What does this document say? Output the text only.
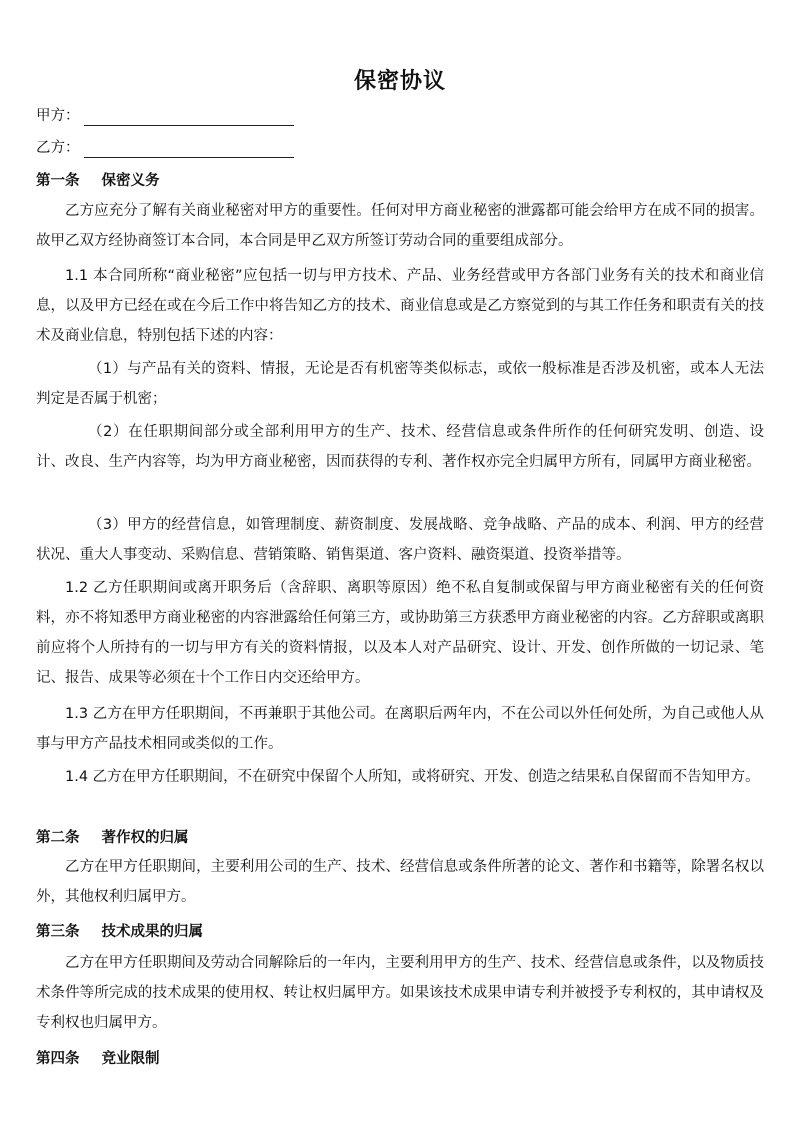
保密协议
甲方：
乙方：
第一条 保密义务

乙方应充分了解有关商业秘密对甲方的重要性。任何对甲方商业秘密的泄露都可能会给甲方在成不同的损害。故甲乙双方经协商签订本合同，本合同是甲乙双方所签订劳动合同的重要组成部分。

1.1 本合同所称“商业秘密”应包括一切与甲方技术、产品、业务经营或甲方各部门业务有关的技术和商业信息，以及甲方已经在或在今后工作中将告知乙方的技术、商业信息或是乙方察觉到的与其工作任务和职责有关的技术及商业信息，特别包括下述的内容：

（1）与产品有关的资料、情报，无论是否有机密等类似标志，或依一般标准是否涉及机密，或本人无法判定是否属于机密；

（2）在任职期间部分或全部利用甲方的生产、技术、经营信息或条件所作的任何研究发明、创造、设计、改良、生产内容等，均为甲方商业秘密，因而获得的专利、著作权亦完全归属甲方所有，同属甲方商业秘密。

（3）甲方的经营信息，如管理制度、薪资制度、发展战略、竞争战略、产品的成本、利润、甲方的经营状况、重大人事变动、采购信息、营销策略、销售渠道、客户资料、融资渠道、投资举措等。

1.2 乙方任职期间或离开职务后（含辞职、离职等原因）绝不私自复制或保留与甲方商业秘密有关的任何资料，亦不将知悉甲方商业秘密的内容泄露给任何第三方，或协助第三方获悉甲方商业秘密的内容。乙方辞职或离职前应将个人所持有的一切与甲方有关的资料情报，以及本人对产品研究、设计、开发、创作所做的一切记录、笔记、报告、成果等必须在十个工作日内交还给甲方。

1.3 乙方在甲方任职期间，不再兼职于其他公司。在离职后两年内，不在公司以外任何处所，为自己或他人从事与甲方产品技术相同或类似的工作。

1.4 乙方在甲方任职期间，不在研究中保留个人所知，或将研究、开发、创造之结果私自保留而不告知甲方。

第二条 著作权的归属

乙方在甲方任职期间，主要利用公司的生产、技术、经营信息或条件所著的论文、著作和书籍等，除署名权以外，其他权利归属甲方。

第三条 技术成果的归属

乙方在甲方任职期间及劳动合同解除后的一年内，主要利用甲方的生产、技术、经营信息或条件，以及物质技术条件等所完成的技术成果的使用权、转让权归属甲方。如果该技术成果申请专利并被授予专利权的，其申请权及专利权也归属甲方。

第四条 竞业限制
